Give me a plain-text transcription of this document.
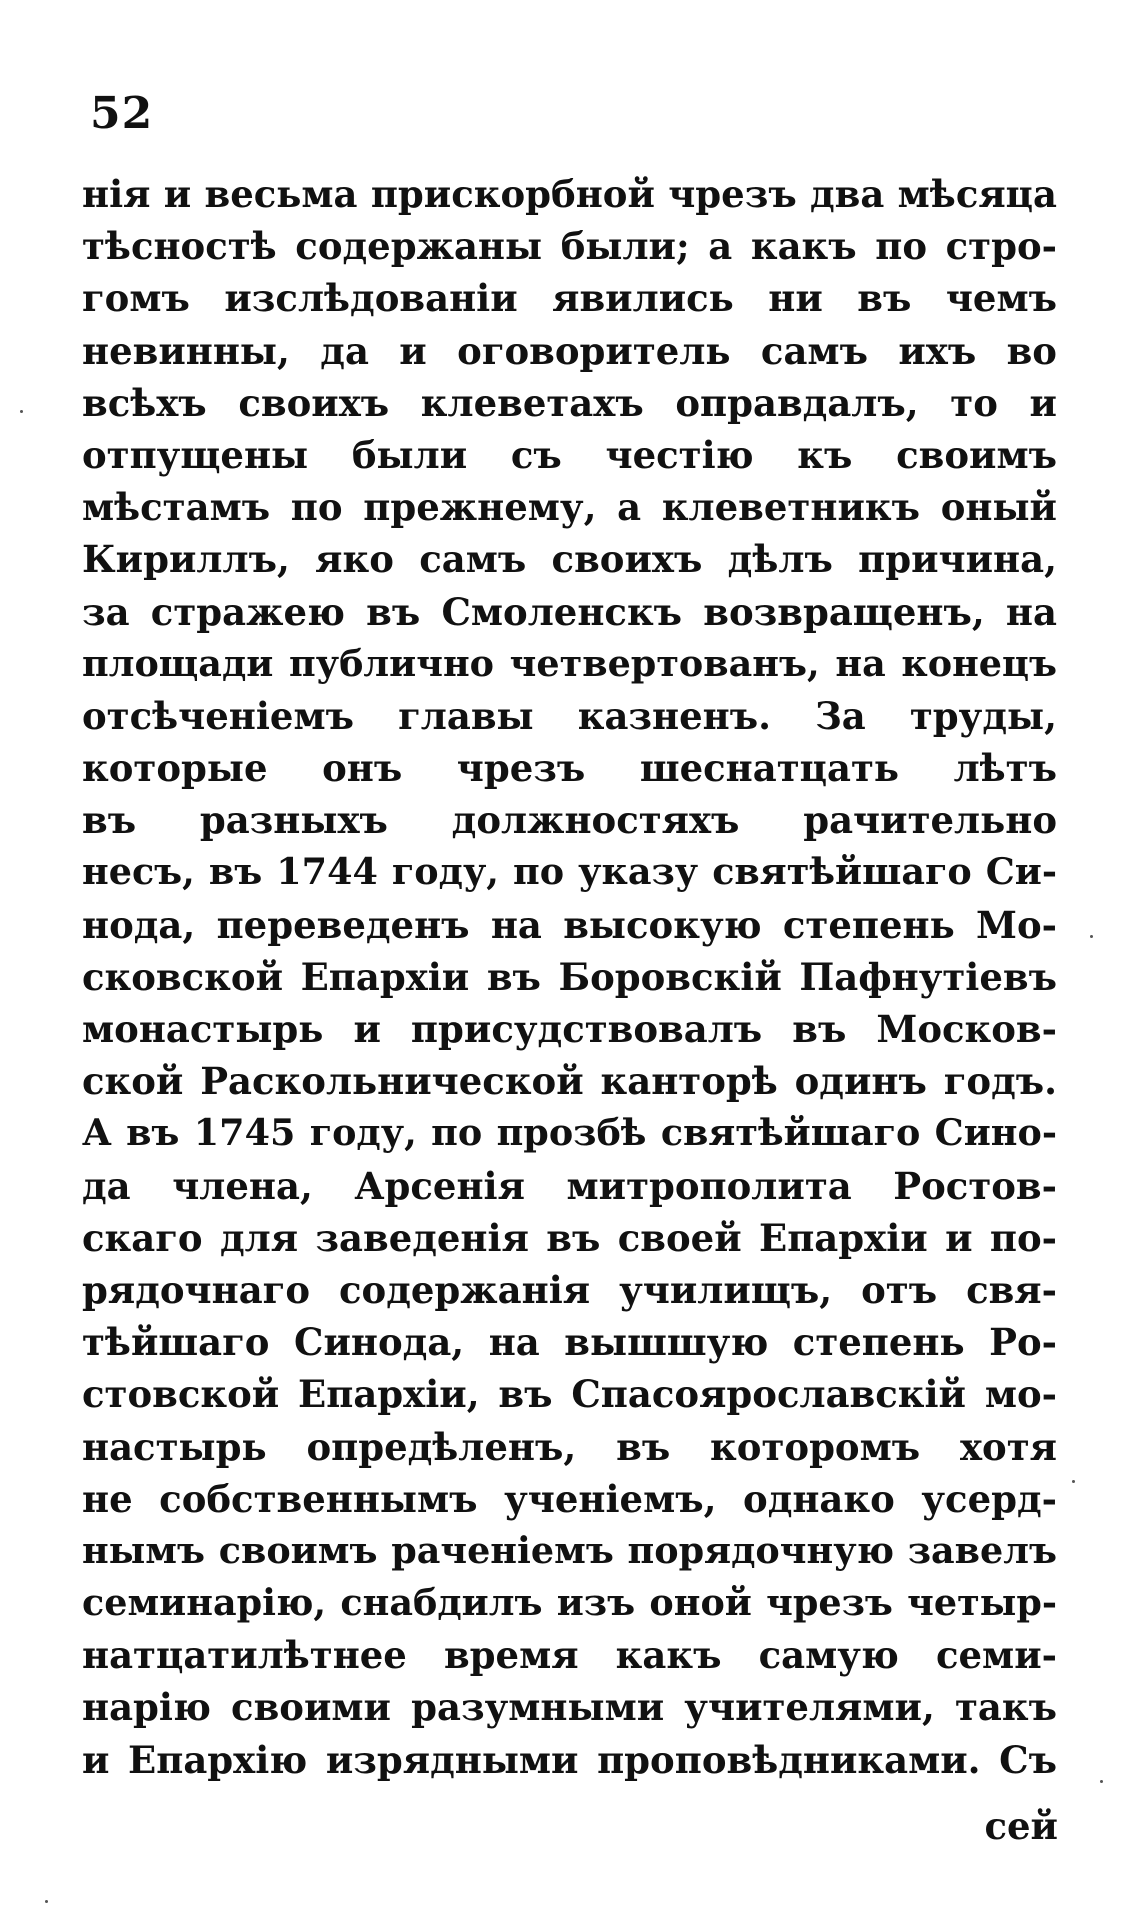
52
нія и весьма прискорбной чрезъ два мѣсяца
тѣсностѣ содержаны были; а какъ по стро-
гомъ изслѣдованіи явились ни въ чемъ
невинны, да и оговоритель самъ ихъ во
всѣхъ своихъ клеветахъ оправдалъ, то и
отпущены были съ честію къ своимъ
мѣстамъ по прежнему, а клеветникъ оный
Кириллъ, яко самъ своихъ дѣлъ причина,
за стражею въ Смоленскъ возвращенъ, на
площади публично четвертованъ, на конецъ
отсѣченіемъ главы казненъ. За труды,
которые онъ чрезъ шеснатцать лѣтъ
въ разныхъ должностяхъ рачительно
несъ, въ 1744 году, по указу святѣйшаго Си-
нода, переведенъ на высокую степень Мо-
сковской Епархіи въ Боровскій Пафнутіевъ
монастырь и присудствовалъ въ Москов-
ской Раскольнической канторѣ одинъ годъ.
А въ 1745 году, по прозбѣ святѣйшаго Сино-
да члена, Арсенія митрополита Ростов-
скаго для заведенія въ своей Епархіи и по-
рядочнаго содержанія училищъ, отъ свя-
тѣйшаго Синода, на вышшую степень Ро-
стовской Епархіи, въ Спасоярославскій мо-
настырь опредѣленъ, въ которомъ хотя
не собственнымъ ученіемъ, однако усерд-
нымъ своимъ раченіемъ порядочную завелъ
семинарію, снабдилъ изъ оной чрезъ четыр-
натцатилѣтнее время какъ самую семи-
нарію своими разумными учителями, такъ
и Епархію изрядными проповѣдниками. Съ
сей
